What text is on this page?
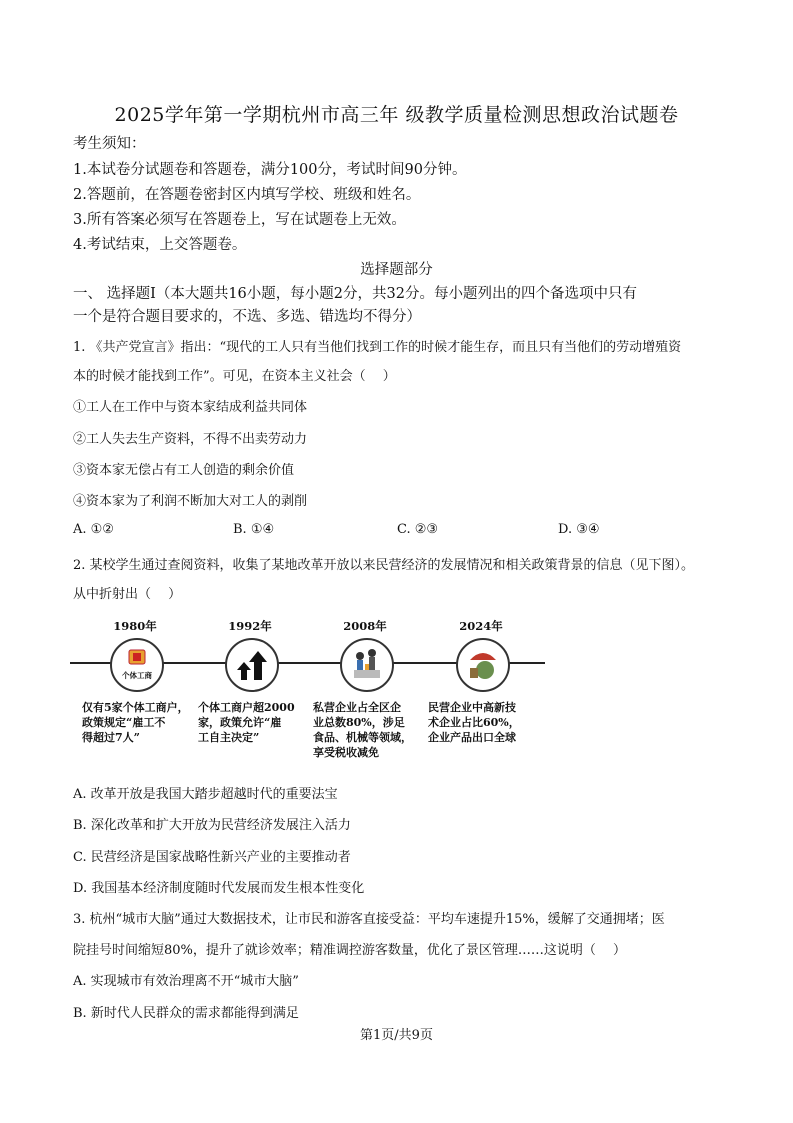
2025学年第一学期杭州市高三年 级教学质量检测思想政治试题卷
考生须知：
1.本试卷分试题卷和答题卷，满分100分，考试时间90分钟。
2.答题前，在答题卷密封区内填写学校、班级和姓名。
3.所有答案必须写在答题卷上，写在试题卷上无效。
4.考试结束，上交答题卷。
选择题部分
一、 选择题Ⅰ（本大题共16小题，每小题2分，共32分。每小题列出的四个备选项中只有
一个是符合题目要求的，不选、多选、错选均不得分）
1. 《共产党宣言》指出：“现代的工人只有当他们找到工作的时候才能生存，而且只有当他们的劳动增殖资
本的时候才能找到工作”。可见，在资本主义社会（　 ）
①工人在工作中与资本家结成利益共同体
②工人失去生产资料，不得不出卖劳动力
③资本家无偿占有工人创造的剩余价值
④资本家为了利润不断加大对工人的剥削
A. ①②	B. ①④	C. ②③	D. ③④
2. 某校学生通过查阅资料，收集了某地改革开放以来民营经济的发展情况和相关政策背景的信息（见下图）。
从中折射出（　 ）
1980年
个体工商
1992年	2008年	2024年
仅有5家个体工商户，
政策规定“雇工不
得超过7人”
个体工商户超2000
家，政策允许“雇
工自主决定”
私营企业占全区企
业总数80%，涉足
食品、机械等领域，
享受税收减免
民营企业中高新技
术企业占比60%，
企业产品出口全球
A. 改革开放是我国大踏步超越时代的重要法宝
B. 深化改革和扩大开放为民营经济发展注入活力
C. 民营经济是国家战略性新兴产业的主要推动者
D. 我国基本经济制度随时代发展而发生根本性变化
3. 杭州“城市大脑”通过大数据技术，让市民和游客直接受益：平均车速提升15%，缓解了交通拥堵；医
院挂号时间缩短80%，提升了就诊效率；精准调控游客数量，优化了景区管理……这说明（　 ）
A. 实现城市有效治理离不开“城市大脑”
B. 新时代人民群众的需求都能得到满足
第1页/共9页
